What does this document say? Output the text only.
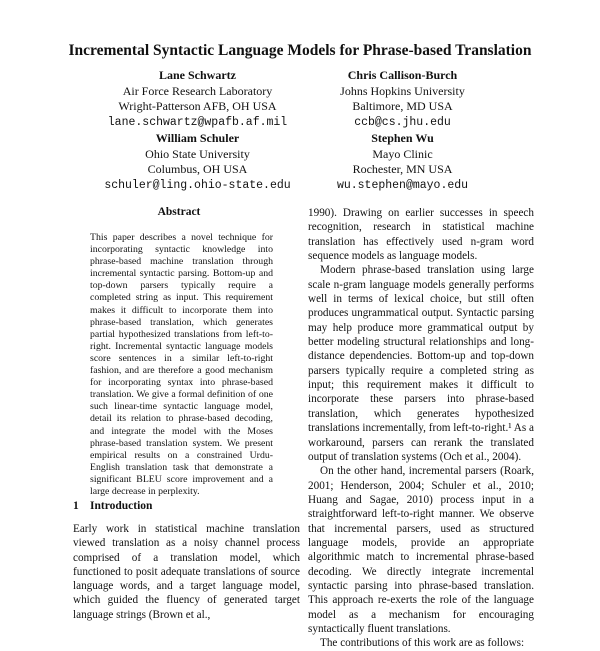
Incremental Syntactic Language Models for Phrase-based Translation
Lane Schwartz
Air Force Research Laboratory
Wright-Patterson AFB, OH USA
lane.schwartz@wpafb.af.mil
Chris Callison-Burch
Johns Hopkins University
Baltimore, MD USA
ccb@cs.jhu.edu
William Schuler
Ohio State University
Columbus, OH USA
schuler@ling.ohio-state.edu
Stephen Wu
Mayo Clinic
Rochester, MN USA
wu.stephen@mayo.edu
Abstract

This paper describes a novel technique for incorporating syntactic knowledge into phrase-based machine translation through incremental syntactic parsing. Bottom-up and top-down parsers typically require a completed string as input. This requirement makes it difficult to incorporate them into phrase-based translation, which generates partial hypothesized translations from left-to-right. Incremental syntactic language models score sentences in a similar left-to-right fashion, and are therefore a good mechanism for incorporating syntax into phrase-based translation. We give a formal definition of one such linear-time syntactic language model, detail its relation to phrase-based decoding, and integrate the model with the Moses phrase-based translation system. We present empirical results on a constrained Urdu-English translation task that demonstrate a significant BLEU score improvement and a large decrease in perplexity.

1 Introduction

Early work in statistical machine translation viewed translation as a noisy channel process comprised of a translation model, which functioned to posit adequate translations of source language words, and a target language model, which guided the fluency of generated target language strings (Brown et al.,

1990). Drawing on earlier successes in speech recognition, research in statistical machine translation has effectively used n-gram word sequence models as language models.

Modern phrase-based translation using large scale n-gram language models generally performs well in terms of lexical choice, but still often produces ungrammatical output. Syntactic parsing may help produce more grammatical output by better modeling structural relationships and long-distance dependencies. Bottom-up and top-down parsers typically require a completed string as input; this requirement makes it difficult to incorporate these parsers into phrase-based translation, which generates hypothesized translations incrementally, from left-to-right.¹ As a workaround, parsers can rerank the translated output of translation systems (Och et al., 2004).

On the other hand, incremental parsers (Roark, 2001; Henderson, 2004; Schuler et al., 2010; Huang and Sagae, 2010) process input in a straightforward left-to-right manner. We observe that incremental parsers, used as structured language models, provide an appropriate algorithmic match to incremental phrase-based decoding. We directly integrate incremental syntactic parsing into phrase-based translation. This approach re-exerts the role of the language model as a mechanism for encouraging syntactically fluent translations.

The contributions of this work are as follows:
